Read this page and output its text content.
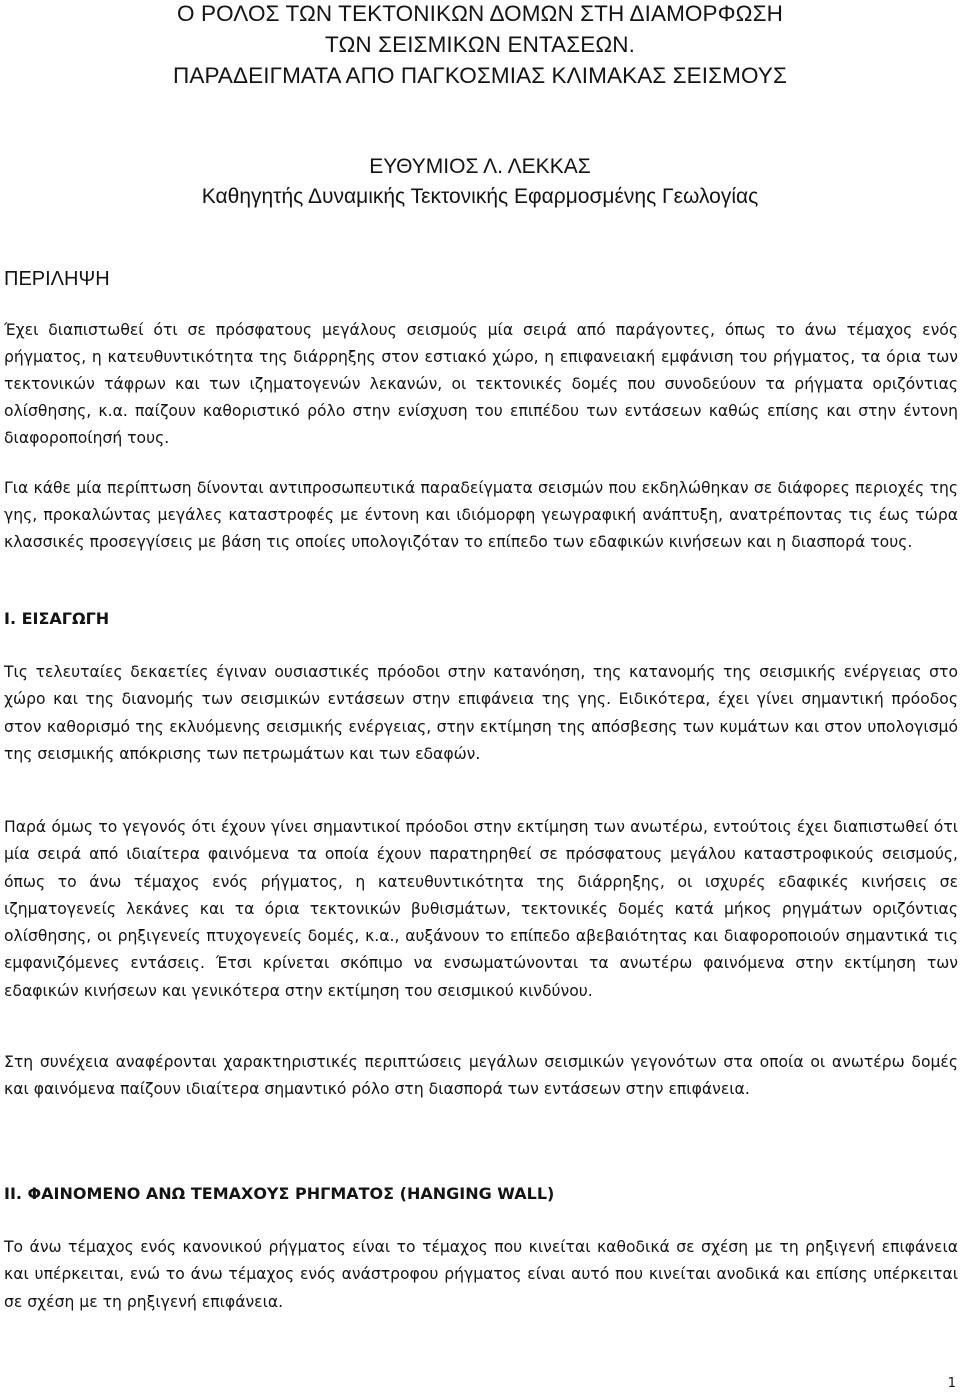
Ο ΡΟΛΟΣ ΤΩΝ ΤΕΚΤΟΝΙΚΩΝ ΔΟΜΩΝ ΣΤΗ ΔΙΑΜΟΡΦΩΣΗ
ΤΩΝ ΣΕΙΣΜΙΚΩΝ ΕΝΤΑΣΕΩΝ.
ΠΑΡΑΔΕΙΓΜΑΤΑ ΑΠΟ ΠΑΓΚΟΣΜΙΑΣ ΚΛΙΜΑΚΑΣ ΣΕΙΣΜΟΥΣ
ΕΥΘΥΜΙΟΣ Λ. ΛΕΚΚΑΣ
Καθηγητής Δυναμικής Τεκτονικής Εφαρμοσμένης Γεωλογίας
ΠΕΡΙΛΗΨΗ

Έχει διαπιστωθεί ότι σε πρόσφατους μεγάλους σεισμούς μία σειρά από παράγοντες, όπως το άνω τέμαχος ενός ρήγματος, η κατευθυντικότητα της διάρρηξης στον εστιακό χώρο, η επιφανειακή εμφάνιση του ρήγματος, τα όρια των τεκτονικών τάφρων και των ιζηματογενών λεκανών, οι τεκτονικές δομές που συνοδεύουν τα ρήγματα οριζόντιας ολίσθησης, κ.α. παίζουν καθοριστικό ρόλο στην ενίσχυση του επιπέδου των εντάσεων καθώς επίσης και στην έντονη διαφοροποίησή τους.

Για κάθε μία περίπτωση δίνονται αντιπροσωπευτικά παραδείγματα σεισμών που εκδηλώθηκαν σε διάφορες περιοχές της γης, προκαλώντας μεγάλες καταστροφές με έντονη και ιδιόμορφη γεωγραφική ανάπτυξη, ανατρέποντας τις έως τώρα κλασσικές προσεγγίσεις με βάση τις οποίες υπολογιζόταν το επίπεδο των εδαφικών κινήσεων και η διασπορά τους.

Ι. ΕΙΣΑΓΩΓΗ

Τις τελευταίες δεκαετίες έγιναν ουσιαστικές πρόοδοι στην κατανόηση, της κατανομής της σεισμικής ενέργειας στο χώρο και της διανομής των σεισμικών εντάσεων στην επιφάνεια της γης. Ειδικότερα, έχει γίνει σημαντική πρόοδος στον καθορισμό της εκλυόμενης σεισμικής ενέργειας, στην εκτίμηση της απόσβεσης των κυμάτων και στον υπολογισμό της σεισμικής απόκρισης των πετρωμάτων και των εδαφών.

Παρά όμως το γεγονός ότι έχουν γίνει σημαντικοί πρόοδοι στην εκτίμηση των ανωτέρω, εντούτοις έχει διαπιστωθεί ότι μία σειρά από ιδιαίτερα φαινόμενα τα οποία έχουν παρατηρηθεί σε πρόσφατους μεγάλου καταστροφικούς σεισμούς, όπως το άνω τέμαχος ενός ρήγματος, η κατευθυντικότητα της διάρρηξης, οι ισχυρές εδαφικές κινήσεις σε ιζηματογενείς λεκάνες και τα όρια τεκτονικών βυθισμάτων, τεκτονικές δομές κατά μήκος ρηγμάτων οριζόντιας ολίσθησης, οι ρηξιγενείς πτυχογενείς δομές, κ.α., αυξάνουν το επίπεδο αβεβαιότητας και διαφοροποιούν σημαντικά τις εμφανιζόμενες εντάσεις. Έτσι κρίνεται σκόπιμο να ενσωματώνονται τα ανωτέρω φαινόμενα στην εκτίμηση των εδαφικών κινήσεων και γενικότερα στην εκτίμηση του σεισμικού κινδύνου.

Στη συνέχεια αναφέρονται χαρακτηριστικές περιπτώσεις μεγάλων σεισμικών γεγονότων στα οποία οι ανωτέρω δομές και φαινόμενα παίζουν ιδιαίτερα σημαντικό ρόλο στη διασπορά των εντάσεων στην επιφάνεια.

ΙΙ. ΦΑΙΝΟΜΕΝΟ ΑΝΩ ΤΕΜΑΧΟΥΣ ΡΗΓΜΑΤΟΣ (HANGING WALL)

Το άνω τέμαχος ενός κανονικού ρήγματος είναι το τέμαχος που κινείται καθοδικά σε σχέση με τη ρηξιγενή επιφάνεια και υπέρκειται, ενώ το άνω τέμαχος ενός ανάστροφου ρήγματος είναι αυτό που κινείται ανοδικά και επίσης υπέρκειται σε σχέση με τη ρηξιγενή επιφάνεια.

1
